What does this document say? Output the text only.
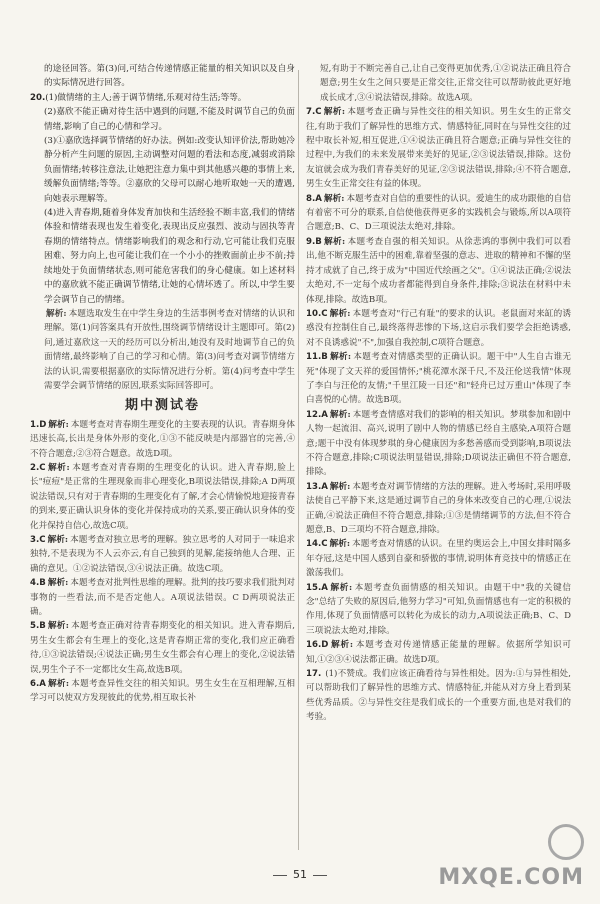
的途径回答。第(3)问,可结合传递情感正能量的相关知识以及自身的实际情况进行回答。

20.(1)做情绪的主人;善于调节情绪,乐观对待生活;等等。

(2)嘉欣不能正确对待生活中遇到的问题,不能及时调节自己的负面情绪,影响了自己的心情和学习。

(3)①嘉欣选择调节情绪的好办法。例如:改变认知评价法,帮助她冷静分析产生问题的原因,主动调整对问题的看法和态度,减弱或消除负面情绪;转移注意法,让她把注意力集中到其他感兴趣的事情上来,缓解负面情绪;等等。②嘉欣的父母可以耐心地听取她一天的遭遇,向她表示理解等。

(4)进入青春期,随着身体发育加快和生活经验不断丰富,我们的情绪体验和情绪表现也发生着变化,表现出反应强烈、波动与固执等青春期的情绪特点。情绪影响我们的观念和行动,它可能让我们克服困难、努力向上,也可能让我们在一个小小的挫败面前止步不前;持续地处于负面情绪状态,则可能危害我们的身心健康。如上述材料中的嘉欣就不能正确调节情绪,让她的心情坏透了。所以,中学生要学会调节自己的情绪。

解析: 本题选取发生在中学生身边的生活事例考查对情绪的认识和理解。第(1)问答案具有开放性,围绕调节情绪设计主题即可。第(2)问,通过嘉欣这一天的经历可以分析出,她没有及时地调节自己的负面情绪,最终影响了自己的学习和心情。第(3)问考查对调节情绪方法的认识,需要根据嘉欣的实际情况进行分析。第(4)问考查中学生需要学会调节情绪的原因,联系实际回答即可。

期中测试卷

1.D 解析: 本题考查对青春期生理变化的主要表现的认识。青春期身体迅速长高,长出是身体外形的变化,①③不能反映是内部器官的完善,④不符合题意;②③符合题意。故选D项。

2.C 解析: 本题考查对青春期的生理变化的认识。进入青春期,脸上长"痘痘"是正常的生理现象而非心理变化,B项说法错误,排除;A D两项说法错误,只有对于青春期的生理变化有了解,才会心情愉悦地迎接青春的到来,要正确认识身体的变化并保持成功的关系,要正确认识身体的变化并保持自信心,故选C项。

3.C 解析: 本题考查对独立思考的理解。独立思考的人对同于一味追求独特,不是表现为不人云亦云,有自己独到的见解,能接纳他人合理、正确的意见。①②说法错误,③④说法正确。故选C项。

4.B 解析: 本题考查对批判性思维的理解。批判的技巧要求我们批判对事物的一些看法,而不是否定他人。A项说法错误。C D两项说法正确。

5.B 解析: 本题考查正确对待青春期变化的相关知识。进入青春期后,男生女生都会有生理上的变化,这是青春期正常的变化,我们应正确看待,①③说法错误;④说法正确;男生女生都会有心理上的变化,②说法错误,男生个子不一定都比女生高,故选B项。

6.A 解析: 本题考查异性交往的相关知识。男生女生在互相理解,互相学习可以使双方发现彼此的优势,相互取长补

短,有助于不断完善自己,让自己变得更加优秀,①②说法正确且符合题意;男生女生之间只要是正常交往,正常交往可以帮助彼此更好地成长成才,③④说法错误,排除。故选A项。

7.C 解析: 本题考查正确与异性交往的相关知识。男生女生的正常交往,有助于我们了解异性的思维方式、情感特征,同时在与异性交往的过程中取长补短,相互促进,①④说法正确且符合题意;正确与异性交往的过程中,为我们的未来发展带来美好的见证,②③说法错误,排除。这份友谊就会成为我们青春美好的见证,②③说法错误,排除;④不符合题意,男生女生正常交往有益的体现。

8.A 解析: 本题考查对自信的重要性的认识。爱迪生的成功跟他的自信有着密不可分的联系,自信使他获得更多的实践机会与锻炼,所以A项符合题意;B、C、D三项说法太绝对,排除。

9.B 解析: 本题考查自强的相关知识。从徐悲鸿的事例中我们可以看出,他不断克服生活中的困难,靠着坚强的意志、进取的精神和不懈的坚持才成就了自己,终于成为"中国近代绘画之父"。①④说法正确;②说法太绝对,不一定每个成功者都能得到自身条件,排除;③说法在材料中未体现,排除。故选B项。

10.C 解析: 本题考查对"行己有耻"的要求的认识。老鼠面对来缸的诱惑没有控制住自己,最终落得悲惨的下场,这启示我们要学会拒绝诱惑,对不良诱惑说"不",加强自我控制,C项符合题意。

11.B 解析: 本题考查对情感类型的正确认识。题干中"人生自古谁无死"体现了文天祥的爱国情怀;"桃花潭水深千尺,不及汪伦送我情"体现了李白与汪伦的友情;"千里江陵一日还"和"轻舟已过万重山"体现了李白喜悦的心情。故选B项。

12.A 解析: 本题考查情感对我们的影响的相关知识。梦琪参加和剧中人物一起流泪、高兴,说明了剧中人物的情感已经自主感染,A项符合题意;题干中没有体现梦琪的身心健康因为多愁善感而受到影响,B项说法不符合题意,排除;C项说法明显错误,排除;D项说法正确但不符合题意,排除。

13.A 解析: 本题考查对调节情绪的方法的理解。进入考场时,采用呼吸法使自己平静下来,这是通过调节自己的身体来改变自己的心理,①说法正确,④说法正确但不符合题意,排除;①③是情绪调节的方法,但不符合题意,B、D三项均不符合题意,排除。

14.C 解析: 本题考查对情感的认识。在里约奥运会上,中国女排时隔多年夺冠,这是中国人感到自豪和骄傲的事情,说明体育竞技中的情感正在激荡我们。

15.A 解析: 本题考查负面情感的相关知识。由题干中"我的关键信念"总结了失败的原因后,他努力学习"可知,负面情感也有一定的积极的作用,体现了负面情感可以转化为成长的动力,A项说法正确;B、C、D三项说法太绝对,排除。

16.D 解析: 本题考查对传递情感正能量的理解。依据所学知识可知,①②③④说法都正确。故选D项。

17. (1)不赞成。我们应该正确看待与异性相处。因为:①与异性相处,可以帮助我们了解异性的思维方式、情感特征,并能从对方身上看到某些优秀品质。②与异性交往是我们成长的一个重要方面,也是对我们的考验。

51	MXQE.COM
